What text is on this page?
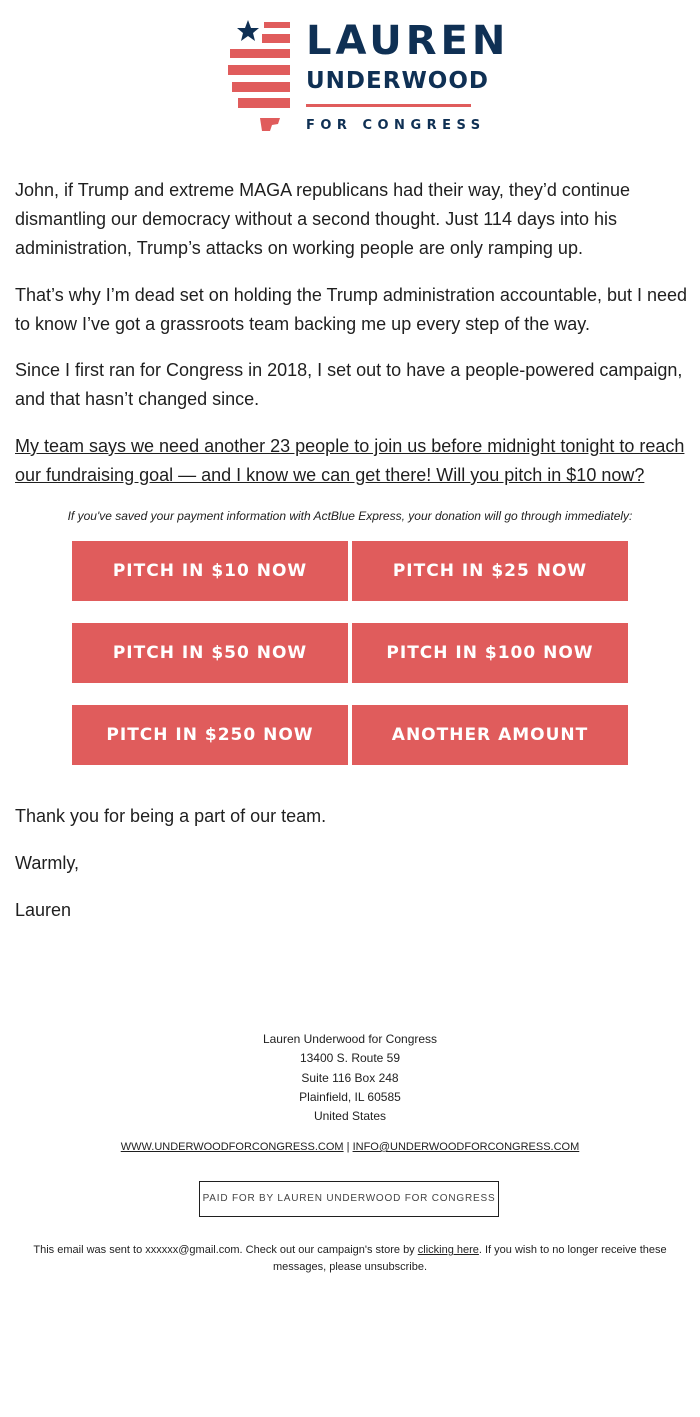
LAUREN
UNDERWOOD
FOR CONGRESS

John, if Trump and extreme MAGA republicans had their way, they’d continue dismantling our democracy without a second thought. Just 114 days into his administration, Trump’s attacks on working people are only ramping up.

That’s why I’m dead set on holding the Trump administration accountable, but I need to know I’ve got a grassroots team backing me up every step of the way.

Since I first ran for Congress in 2018, I set out to have a people-powered campaign, and that hasn’t changed since.

My team says we need another 23 people to join us before midnight tonight to reach our fundraising goal — and I know we can get there! Will you pitch in $10 now?

If you've saved your payment information with ActBlue Express, your donation will go through immediately:

PITCH IN $10 NOW	PITCH IN $25 NOW
PITCH IN $50 NOW	PITCH IN $100 NOW
PITCH IN $250 NOW	ANOTHER AMOUNT

Thank you for being a part of our team.

Warmly,

Lauren

Lauren Underwood for Congress
13400 S. Route 59
Suite 116 Box 248
Plainfield, IL 60585
United States
WWW.UNDERWOODFORCONGRESS.COM | INFO@UNDERWOODFORCONGRESS.COM
PAID FOR BY LAUREN UNDERWOOD FOR CONGRESS
This email was sent to xxxxxx@gmail.com. Check out our campaign's store by clicking here. If you wish to no longer receive these messages, please unsubscribe.
